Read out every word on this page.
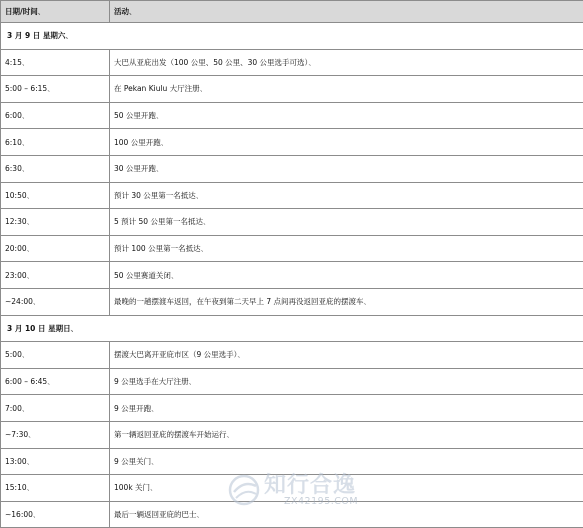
日期/时间、	活动、
3 月 9 日 星期六、	
4:15、	大巴从亚庇出发（100 公里、50 公里、30 公里选手可选）、
5:00 – 6:15、	在 Pekan Kiulu 大厅注册、
6:00、	50 公里开跑、
6:10、	100 公里开跑、
6:30、	30 公里开跑、
10:50、	预计 30 公里第一名抵达、
12:30、	5 预计 50 公里第一名抵达、
20:00、	预计 100 公里第一名抵达、
23:00、	50 公里赛道关闭、
~24:00、	最晚的一趟摆渡车返回，在午夜到第二天早上 7 点间再没返回亚庇的摆渡车、
3 月 10 日 星期日、	
5:00、	摆渡大巴离开亚庇市区（9 公里选手）、
6:00 – 6:45、	9 公里选手在大厅注册、
7:00、	9 公里开跑、
~7:30、	第一辆返回亚庇的摆渡车开始运行、
13:00、	9 公里关门、
15:10、	100k 关门、
~16:00、	最后一辆返回亚庇的巴士、
知行合逸
ZX42195.COM
